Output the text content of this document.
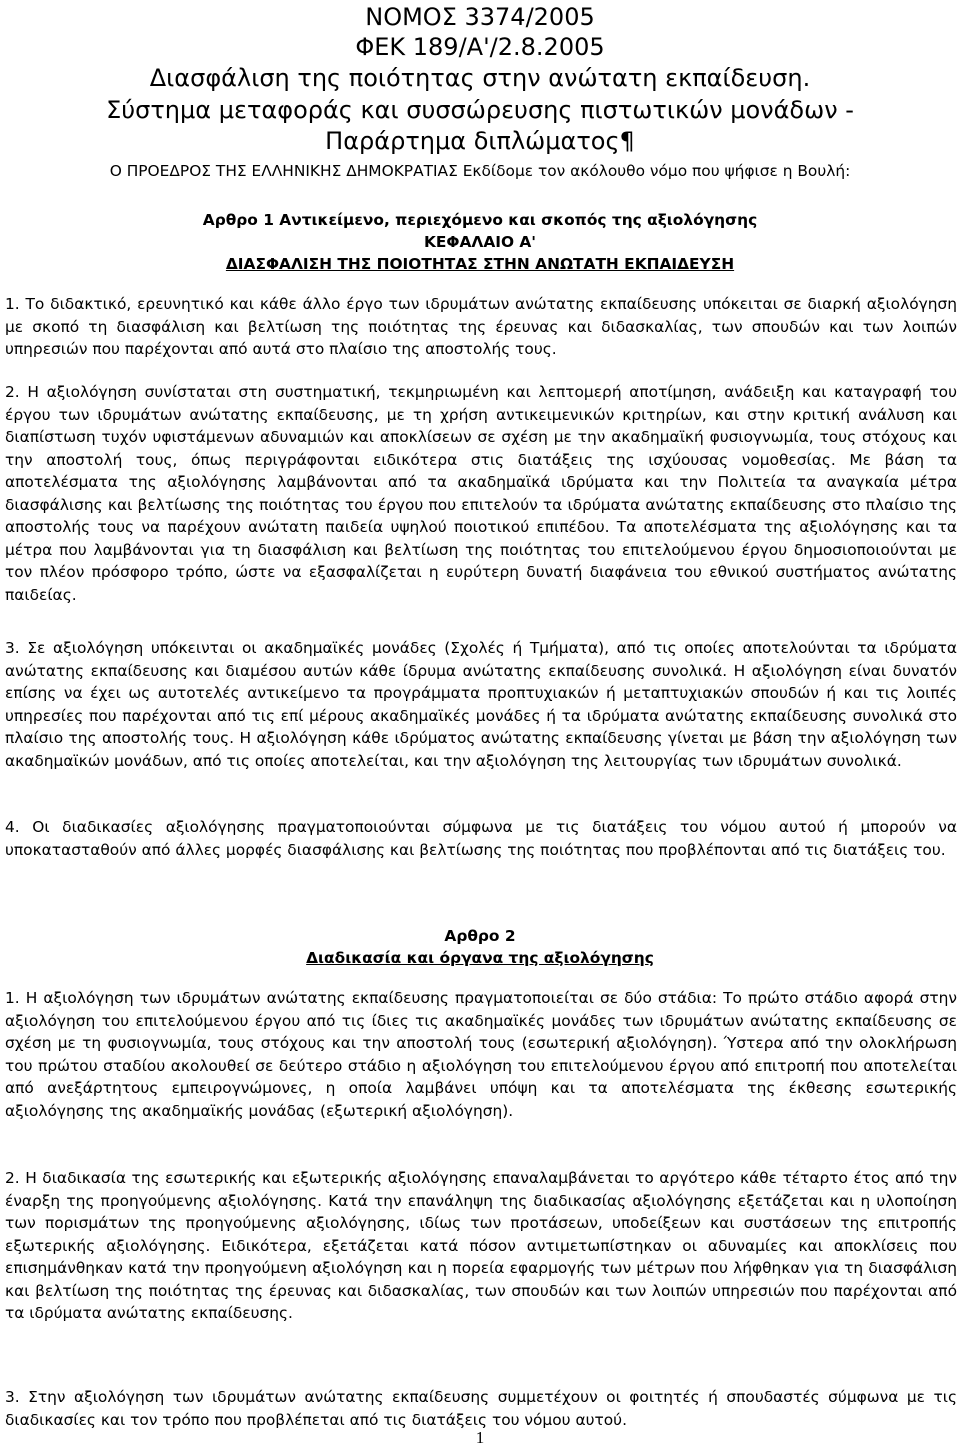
ΝΟΜΟΣ 3374/2005
ΦΕΚ 189/Α'/2.8.2005
Διασφάλιση της ποιότητας στην ανώτατη εκπαίδευση.
Σύστημα μεταφοράς και συσσώρευσης πιστωτικών μονάδων -
Παράρτημα διπλώματος¶
Ο ΠΡΟΕΔΡΟΣ ΤΗΣ ΕΛΛΗΝΙΚΗΣ ΔΗΜΟΚΡΑΤΙΑΣ Εκδίδομε τον ακόλουθο νόμο που ψήφισε η Βουλή:
Αρθρο 1 Αντικείμενο, περιεχόμενο και σκοπός της αξιολόγησης
ΚΕΦΑΛΑΙΟ Α'
ΔΙΑΣΦΑΛΙΣΗ ΤΗΣ ΠΟΙΟΤΗΤΑΣ ΣΤΗΝ ΑΝΩΤΑΤΗ ΕΚΠΑΙΔΕΥΣΗ
1. Το διδακτικό, ερευνητικό και κάθε άλλο έργο των ιδρυμάτων ανώτατης εκπαίδευσης υπόκειται σε διαρκή αξιολόγηση με σκοπό τη διασφάλιση και βελτίωση της ποιότητας της έρευνας και διδασκαλίας, των σπουδών και των λοιπών υπηρεσιών που παρέχονται από αυτά στο πλαίσιο της αποστολής τους.
2. Η αξιολόγηση συνίσταται στη συστηματική, τεκμηριωμένη και λεπτομερή αποτίμηση, ανάδειξη και καταγραφή του έργου των ιδρυμάτων ανώτατης εκπαίδευσης, με τη χρήση αντικειμενικών κριτηρίων, και στην κριτική ανάλυση και διαπίστωση τυχόν υφιστάμενων αδυναμιών και αποκλίσεων σε σχέση με την ακαδημαϊκή φυσιογνωμία, τους στόχους και την αποστολή τους, όπως περιγράφονται ειδικότερα στις διατάξεις της ισχύουσας νομοθεσίας. Με βάση τα αποτελέσματα της αξιολόγησης λαμβάνονται από τα ακαδημαϊκά ιδρύματα και την Πολιτεία τα αναγκαία μέτρα διασφάλισης και βελτίωσης της ποιότητας του έργου που επιτελούν τα ιδρύματα ανώτατης εκπαίδευσης στο πλαίσιο της αποστολής τους να παρέχουν ανώτατη παιδεία υψηλού ποιοτικού επιπέδου. Τα αποτελέσματα της αξιολόγησης και τα μέτρα που λαμβάνονται για τη διασφάλιση και βελτίωση της ποιότητας του επιτελούμενου έργου δημοσιοποιούνται με τον πλέον πρόσφορο τρόπο, ώστε να εξασφαλίζεται η ευρύτερη δυνατή διαφάνεια του εθνικού συστήματος ανώτατης παιδείας.
3. Σε αξιολόγηση υπόκεινται οι ακαδημαϊκές μονάδες (Σχολές ή Τμήματα), από τις οποίες αποτελούνται τα ιδρύματα ανώτατης εκπαίδευσης και διαμέσου αυτών κάθε ίδρυμα ανώτατης εκπαίδευσης συνολικά. Η αξιολόγηση είναι δυνατόν επίσης να έχει ως αυτοτελές αντικείμενο τα προγράμματα προπτυχιακών ή μεταπτυχιακών σπουδών ή και τις λοιπές υπηρεσίες που παρέχονται από τις επί μέρους ακαδημαϊκές μονάδες ή τα ιδρύματα ανώτατης εκπαίδευσης συνολικά στο πλαίσιο της αποστολής τους. Η αξιολόγηση κάθε ιδρύματος ανώτατης εκπαίδευσης γίνεται με βάση την αξιολόγηση των ακαδημαϊκών μονάδων, από τις οποίες αποτελείται, και την αξιολόγηση της λειτουργίας των ιδρυμάτων συνολικά.
4. Οι διαδικασίες αξιολόγησης πραγματοποιούνται σύμφωνα με τις διατάξεις του νόμου αυτού ή μπορούν να υποκατασταθούν από άλλες μορφές διασφάλισης και βελτίωσης της ποιότητας που προβλέπονται από τις διατάξεις του.
Αρθρο 2
Διαδικασία και όργανα της αξιολόγησης
1. Η αξιολόγηση των ιδρυμάτων ανώτατης εκπαίδευσης πραγματοποιείται σε δύο στάδια: Το πρώτο στάδιο αφορά στην αξιολόγηση του επιτελούμενου έργου από τις ίδιες τις ακαδημαϊκές μονάδες των ιδρυμάτων ανώτατης εκπαίδευσης σε σχέση με τη φυσιογνωμία, τους στόχους και την αποστολή τους (εσωτερική αξιολόγηση). Ύστερα από την ολοκλήρωση του πρώτου σταδίου ακολουθεί σε δεύτερο στάδιο η αξιολόγηση του επιτελούμενου έργου από επιτροπή που αποτελείται από ανεξάρτητους εμπειρογνώμονες, η οποία λαμβάνει υπόψη και τα αποτελέσματα της έκθεσης εσωτερικής αξιολόγησης της ακαδημαϊκής μονάδας (εξωτερική αξιολόγηση).
2. Η διαδικασία της εσωτερικής και εξωτερικής αξιολόγησης επαναλαμβάνεται το αργότερο κάθε τέταρτο έτος από την έναρξη της προηγούμενης αξιολόγησης. Κατά την επανάληψη της διαδικασίας αξιολόγησης εξετάζεται και η υλοποίηση των πορισμάτων της προηγούμενης αξιολόγησης, ιδίως των προτάσεων, υποδείξεων και συστάσεων της επιτροπής εξωτερικής αξιολόγησης. Ειδικότερα, εξετάζεται κατά πόσον αντιμετωπίστηκαν οι αδυναμίες και αποκλίσεις που επισημάνθηκαν κατά την προηγούμενη αξιολόγηση και η πορεία εφαρμογής των μέτρων που λήφθηκαν για τη διασφάλιση και βελτίωση της ποιότητας της έρευνας και διδασκαλίας, των σπουδών και των λοιπών υπηρεσιών που παρέχονται από τα ιδρύματα ανώτατης εκπαίδευσης.
3. Στην αξιολόγηση των ιδρυμάτων ανώτατης εκπαίδευσης συμμετέχουν οι φοιτητές ή σπουδαστές σύμφωνα με τις διαδικασίες και τον τρόπο που προβλέπεται από τις διατάξεις του νόμου αυτού.
1
